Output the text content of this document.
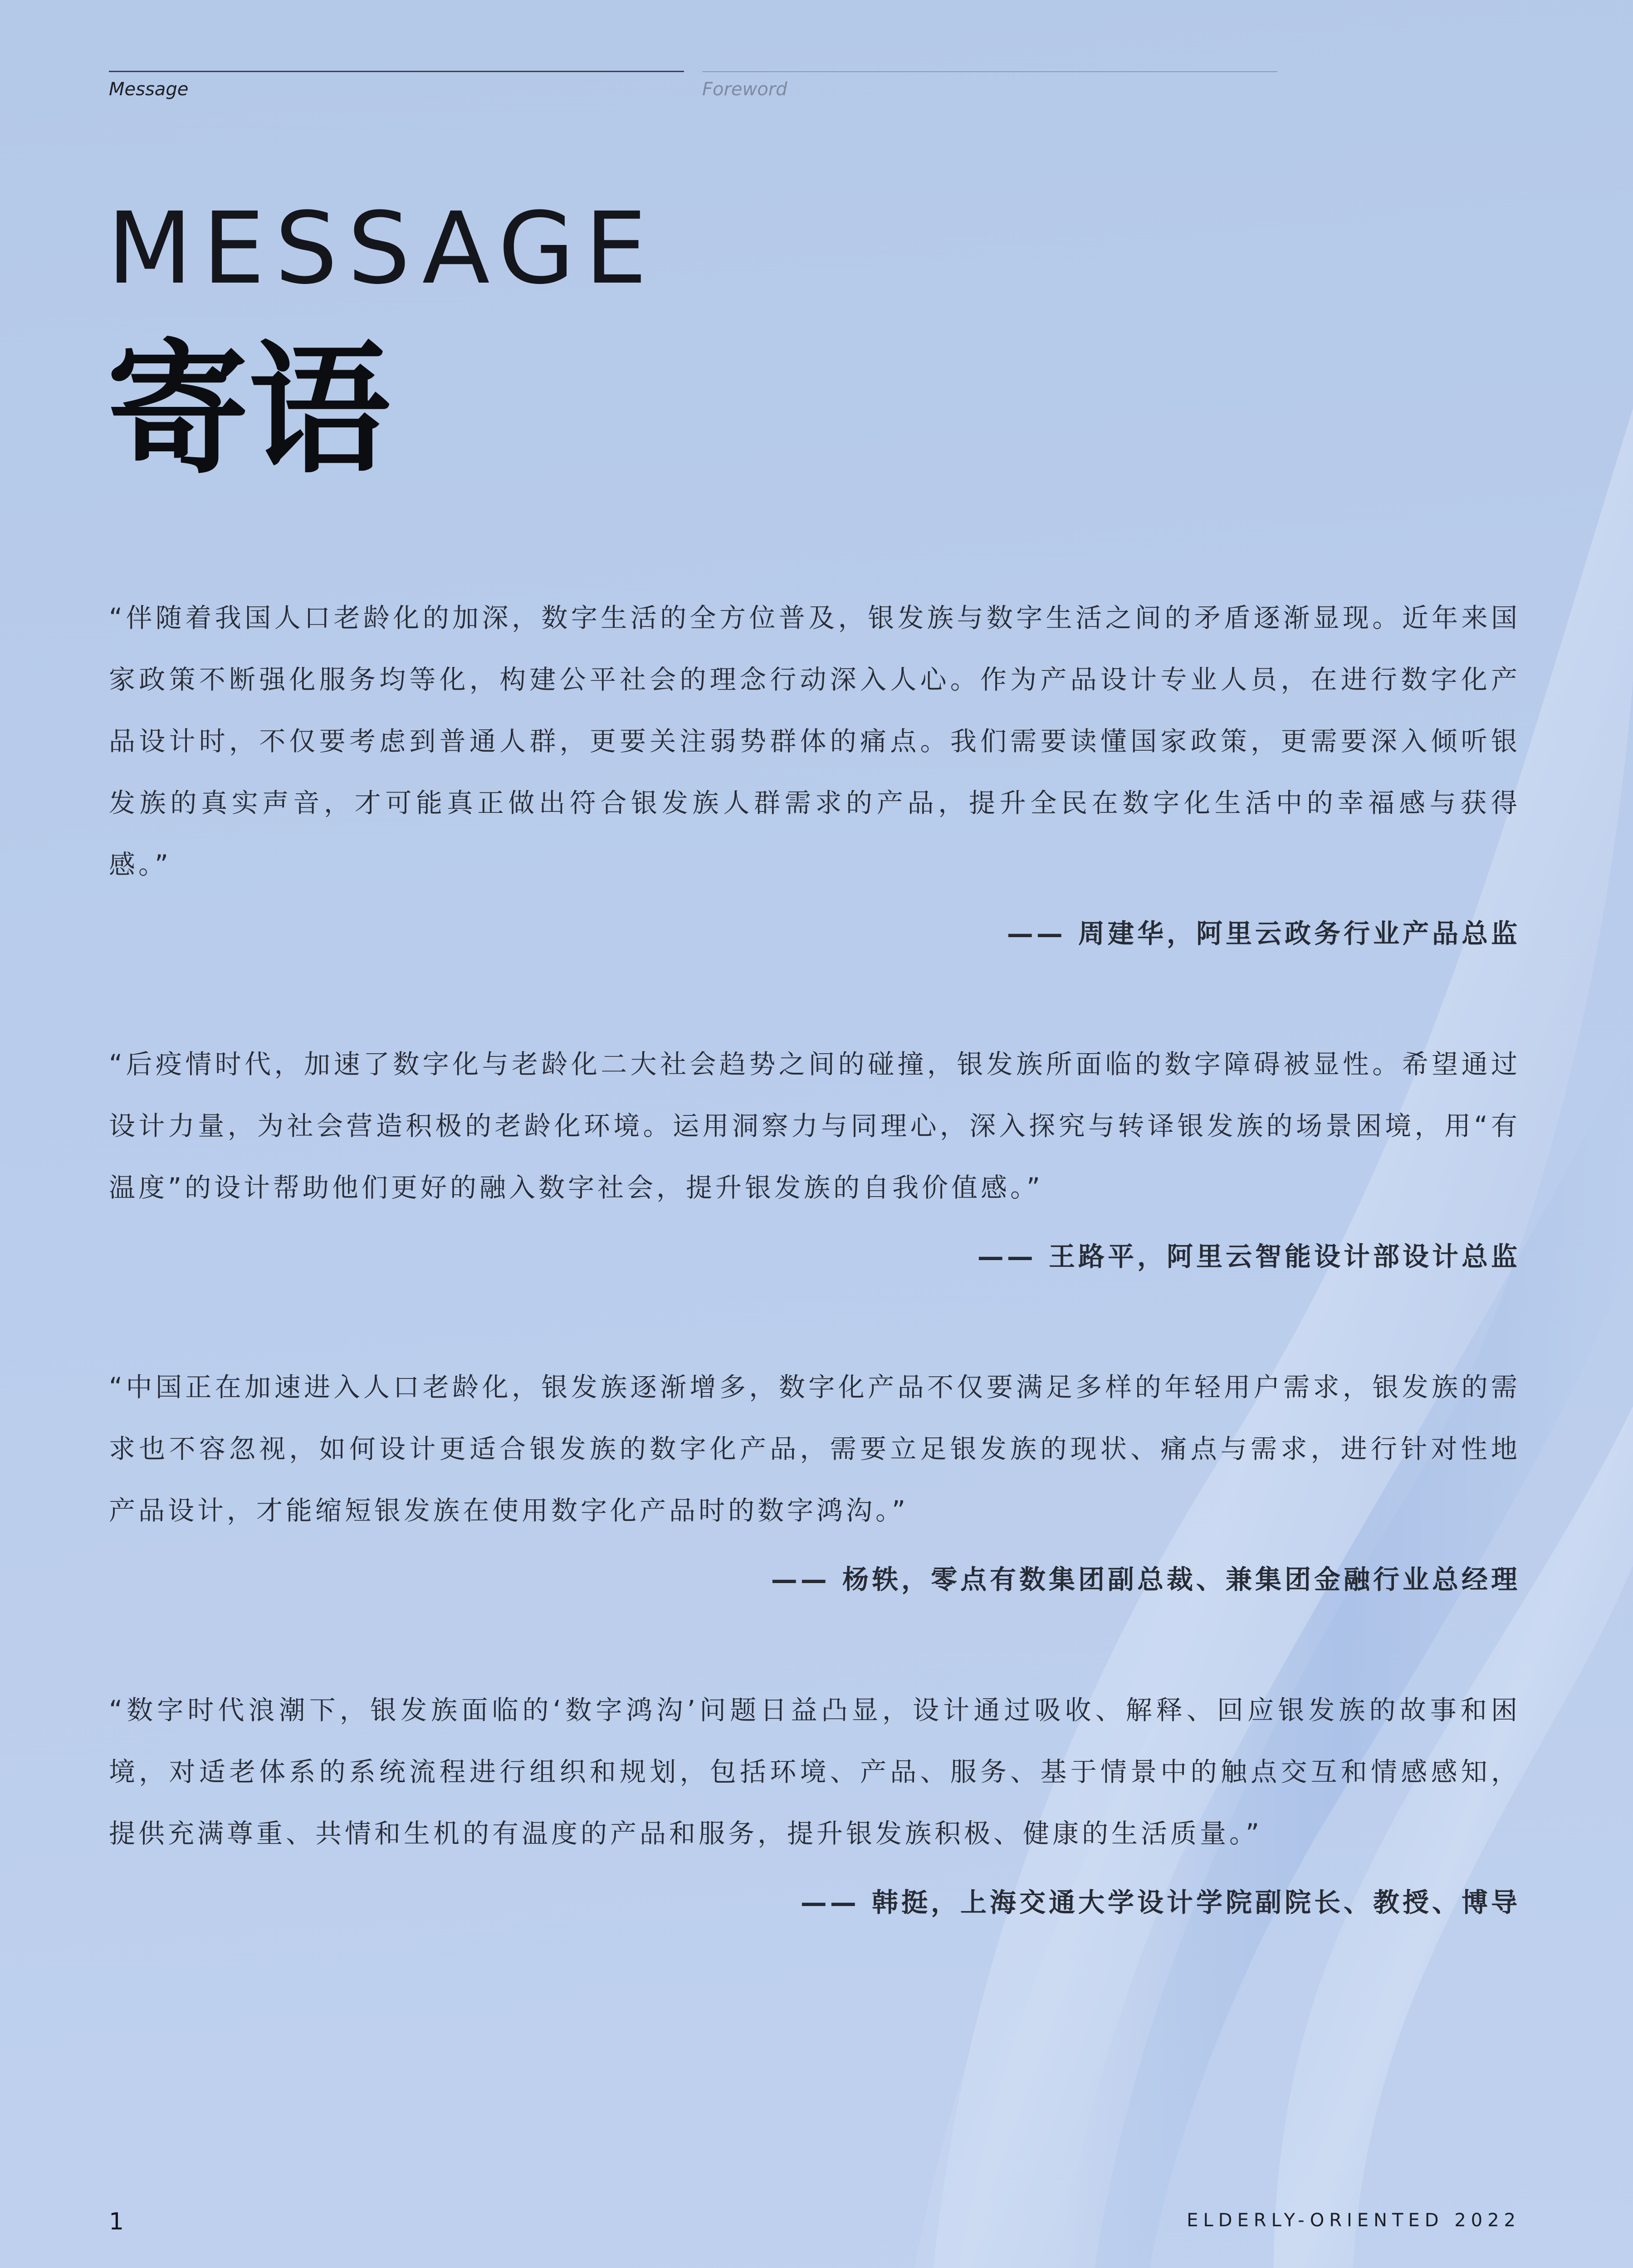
Message	Foreword
MESSAGE
寄语

“伴随着我国人口老龄化的加深，数字生活的全方位普及，银发族与数字生活之间的矛盾逐渐显现。近年来国家政策不断强化服务均等化，构建公平社会的理念行动深入人心。作为产品设计专业人员，在进行数字化产品设计时，不仅要考虑到普通人群，更要关注弱势群体的痛点。我们需要读懂国家政策，更需要深入倾听银发族的真实声音，才可能真正做出符合银发族人群需求的产品，提升全民在数字化生活中的幸福感与获得感。”

—— 周建华，阿里云政务行业产品总监

“后疫情时代，加速了数字化与老龄化二大社会趋势之间的碰撞，银发族所面临的数字障碍被显性。希望通过设计力量，为社会营造积极的老龄化环境。运用洞察力与同理心，深入探究与转译银发族的场景困境，用“有温度”的设计帮助他们更好的融入数字社会，提升银发族的自我价值感。”

—— 王路平，阿里云智能设计部设计总监

“中国正在加速进入人口老龄化，银发族逐渐增多，数字化产品不仅要满足多样的年轻用户需求，银发族的需求也不容忽视，如何设计更适合银发族的数字化产品，需要立足银发族的现状、痛点与需求，进行针对性地产品设计，才能缩短银发族在使用数字化产品时的数字鸿沟。”

—— 杨轶，零点有数集团副总裁、兼集团金融行业总经理

“数字时代浪潮下，银发族面临的‘数字鸿沟’问题日益凸显，设计通过吸收、解释、回应银发族的故事和困境，对适老体系的系统流程进行组织和规划，包括环境、产品、服务、基于情景中的触点交互和情感感知，提供充满尊重、共情和生机的有温度的产品和服务，提升银发族积极、健康的生活质量。”

—— 韩挺，上海交通大学设计学院副院长、教授、博导

1	ELDERLY-ORIENTED 2022
